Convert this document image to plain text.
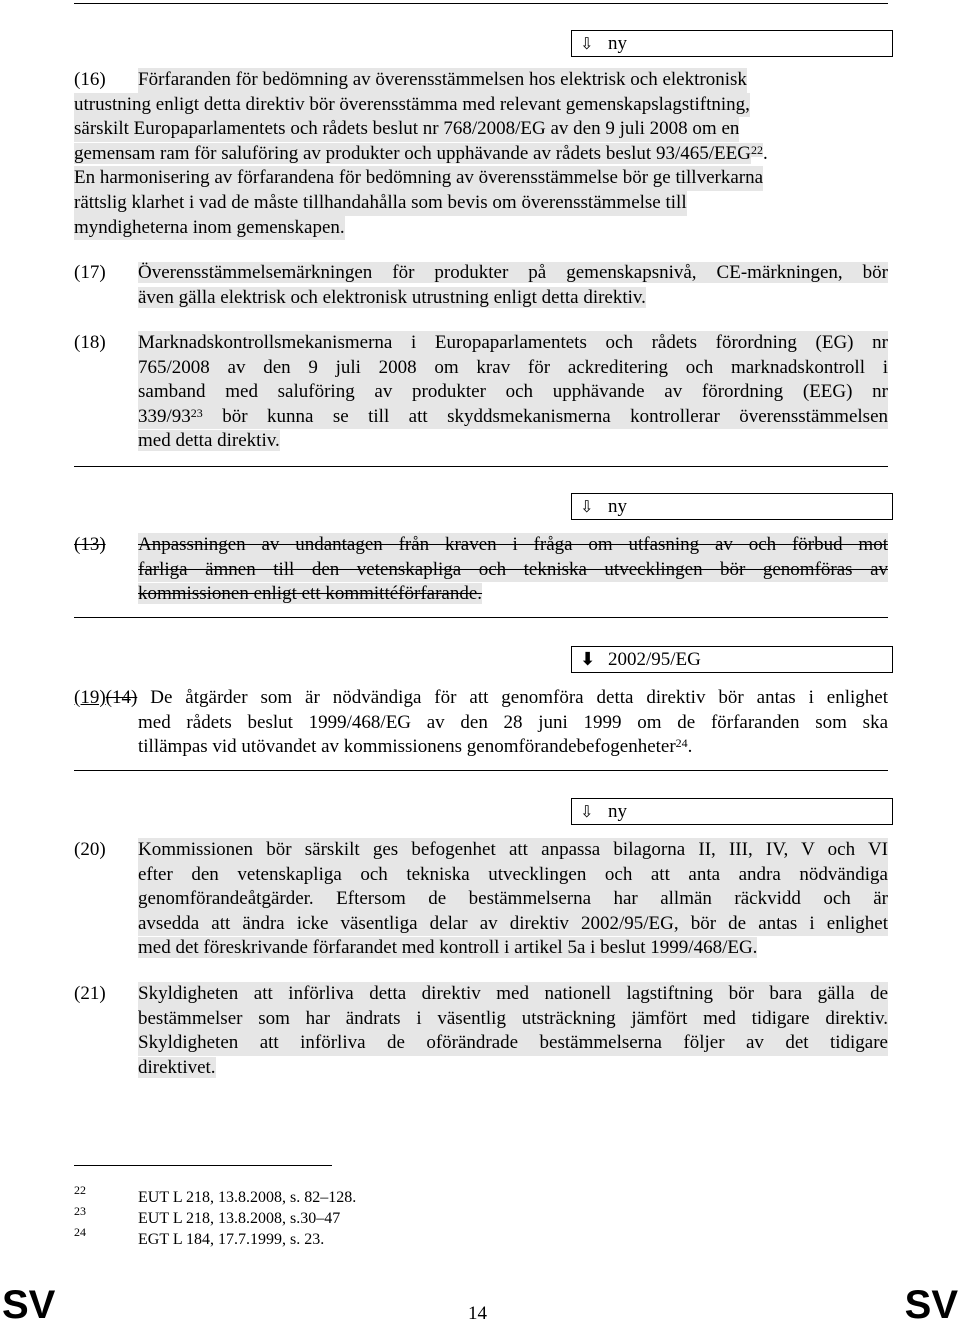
⇩ ny
(16) Förfaranden för bedömning av överensstämmelsen hos elektrisk och elektronisk
utrustning enligt detta direktiv bör överensstämma med relevant gemenskapslagstiftning,
särskilt Europaparlamentets och rådets beslut nr 768/2008/EG av den 9 juli 2008 om en
gemensam ram för saluföring av produkter och upphävande av rådets beslut 93/465/EEG$^{22}$.
En harmonisering av förfarandena för bedömning av överensstämmelse bör ge tillverkarna
rättslig klarhet i vad de måste tillhandahålla som bevis om överensstämmelse till
myndigheterna inom gemenskapen.
(17) Överensstämmelsemärkningen för produkter på gemenskapsnivå, CE-märkningen, bör
även gälla elektrisk och elektronisk utrustning enligt detta direktiv.
(18) Marknadskontrollsmekanismerna i Europaparlamentets och rådets förordning (EG) nr
765/2008 av den 9 juli 2008 om krav för ackreditering och marknadskontroll i
samband med saluföring av produkter och upphävande av förordning (EEG) nr
$339/93^{23}$ bör kunna se till att skyddsmekanismerna kontrollerar överensstämmelsen
med detta direktiv.
⇩ ny
(13) Anpassningen av undantagen från kraven i fråga om utfasning av och förbud mot
farliga ämnen till den vetenskapliga och tekniska utvecklingen bör genomföras av
kommissionen enligt ett kommittéförfarande.
⬇ 2002/95/EG
(19)(14) De åtgärder som är nödvändiga för att genomföra detta direktiv bör antas i enlighet
med rådets beslut 1999/468/EG av den 28 juni 1999 om de förfaranden som ska
tillämpas vid utövandet av kommissionens genomförandebefogenheter$^{24}$.
⇩ ny
(20) Kommissionen bör särskilt ges befogenhet att anpassa bilagorna II, III, IV, V och VI
efter den vetenskapliga och tekniska utvecklingen och att anta andra nödvändiga
genomförandeåtgärder. Eftersom de bestämmelserna har allmän räckvidd och är
avsedda att ändra icke väsentliga delar av direktiv 2002/95/EG, bör de antas i enlighet
med det föreskrivande förfarandet med kontroll i artikel 5a i beslut 1999/468/EG.
(21) Skyldigheten att införliva detta direktiv med nationell lagstiftning bör bara gälla de
bestämmelser som har ändrats i väsentlig utsträckning jämfört med tidigare direktiv.
Skyldigheten att införliva de oförändrade bestämmelserna följer av det tidigare
direktivet.
22	EUT L 218, 13.8.2008, s. 82–128.
23	EUT L 218, 13.8.2008, s.30–47
24	EGT L 184, 17.7.1999, s. 23.
SV	14	SV
